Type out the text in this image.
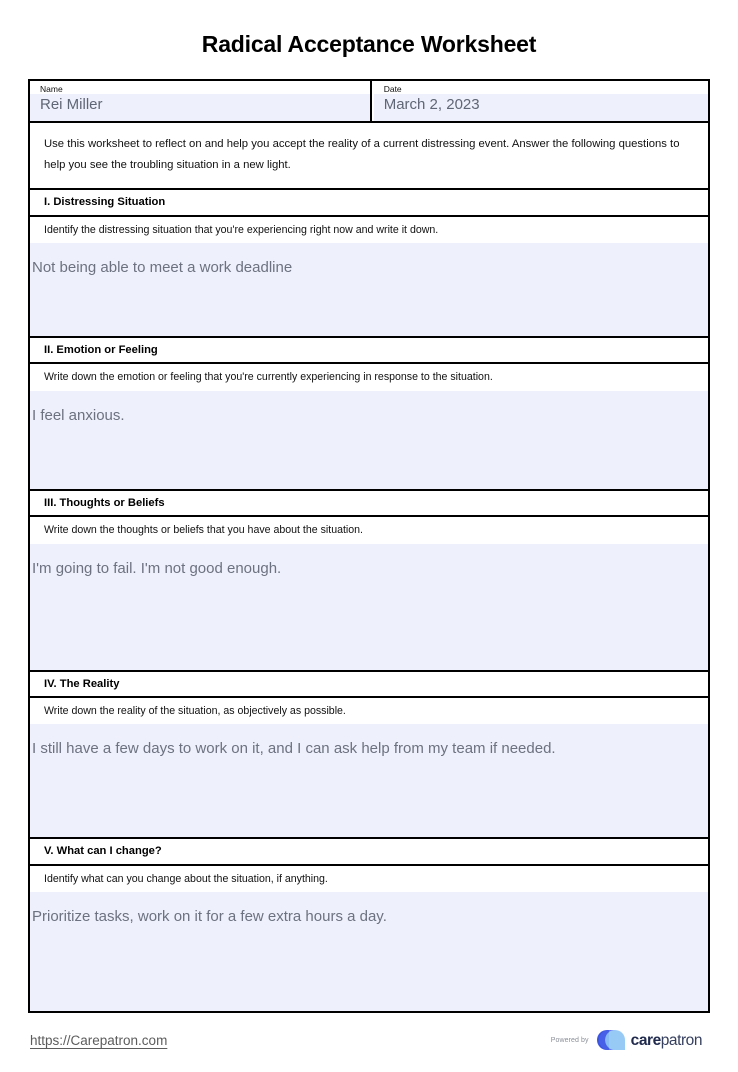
Radical Acceptance Worksheet
Name
Rei Miller
Date
March 2, 2023
Use this worksheet to reflect on and help you accept the reality of a current distressing event. Answer the following questions to help you see the troubling situation in a new light.
I. Distressing Situation
Identify the distressing situation that you're experiencing right now and write it down.
Not being able to meet a work deadline
II. Emotion or Feeling
Write down the emotion or feeling that you're currently experiencing in response to the situation.
I feel anxious.
III. Thoughts or Beliefs
Write down the thoughts or beliefs that you have about the situation.
I'm going to fail. I'm not good enough.
IV. The Reality
Write down the reality of the situation, as objectively as possible.
I still have a few days to work on it, and I can ask help from my team if needed.
V. What can I change?
Identify what can you change about the situation, if anything.
Prioritize tasks, work on it for a few extra hours a day.
https://Carepatron.com	Powered by	carepatron
